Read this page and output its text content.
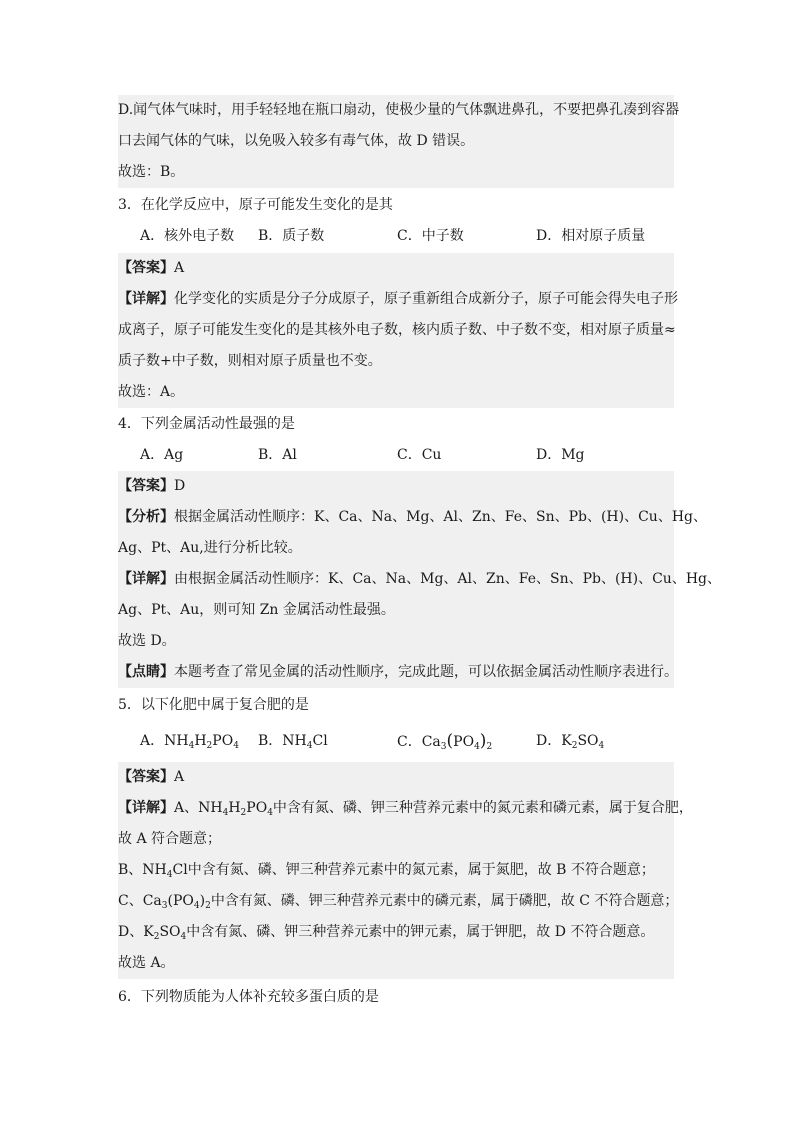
D.闻气体气味时，用手轻轻地在瓶口扇动，使极少量的气体飘进鼻孔，不要把鼻孔凑到容器
口去闻气体的气味，以免吸入较多有毒气体，故 D 错误。
故选：B。
3．在化学反应中，原子可能发生变化的是其
A．核外电子数 B．质子数	C．中子数	D．相对原子质量
【答案】A
【详解】化学变化的实质是分子分成原子，原子重新组合成新分子，原子可能会得失电子形
成离子，原子可能发生变化的是其核外电子数，核内质子数、中子数不变，相对原子质量≈
质子数+中子数，则相对原子质量也不变。
故选：A。
4．下列金属活动性最强的是
A．Ag	B．Al	C．Cu	D．Mg
【答案】D
【分析】根据金属活动性顺序：K、Ca、Na、Mg、Al、Zn、Fe、Sn、Pb、(H)、Cu、Hg、
Ag、Pt、Au,进行分析比较。
【详解】由根据金属活动性顺序：K、Ca、Na、Mg、Al、Zn、Fe、Sn、Pb、(H)、Cu、Hg、
Ag、Pt、Au，则可知 Zn 金属活动性最强。
故选 D。
【点睛】本题考查了常见金属的活动性顺序，完成此题，可以依据金属活动性顺序表进行。
5．以下化肥中属于复合肥的是
A．$NH_4H_2PO_4$ B．$NH_4Cl$	C．$Ca_3(PO_4)_2$	D．$K_2SO_4$
【答案】A
【详解】A、$NH_4H_2PO_4$中含有氮、磷、钾三种营养元素中的氮元素和磷元素，属于复合肥，
故 A 符合题意；
B、$NH_4Cl$中含有氮、磷、钾三种营养元素中的氮元素，属于氮肥，故 B 不符合题意；
C、$Ca_3(PO_4)_2$中含有氮、磷、钾三种营养元素中的磷元素，属于磷肥，故 C 不符合题意；
D、$K_2SO_4$中含有氮、磷、钾三种营养元素中的钾元素，属于钾肥，故 D 不符合题意。
故选 A。
6．下列物质能为人体补充较多蛋白质的是
